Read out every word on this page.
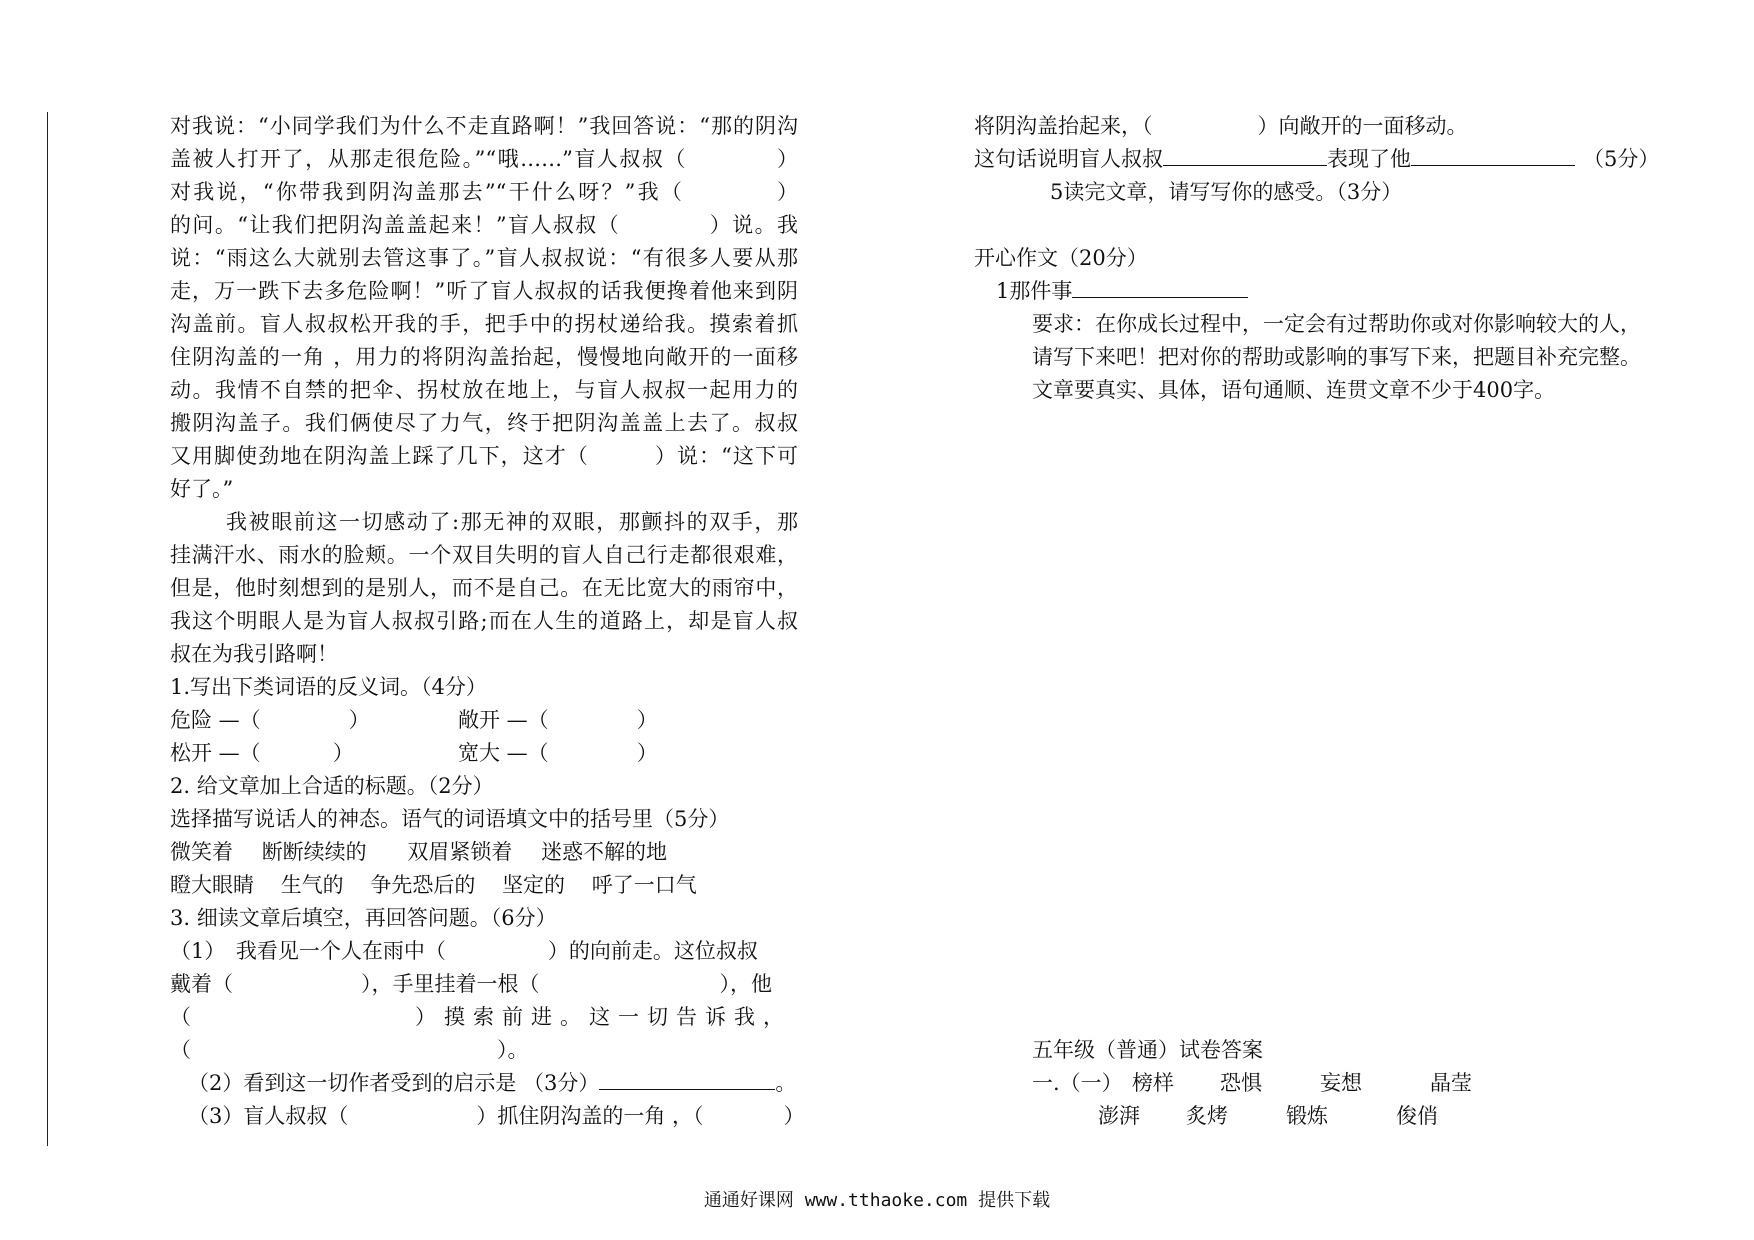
对我说：“小同学我们为什么不走直路啊！”我回答说：“那的阴沟
盖被人打开了，从那走很危险。”“哦……”盲人叔叔（　　　　）
对我说，“你带我到阴沟盖那去”“干什么呀？”我（　　　　）
的问。“让我们把阴沟盖盖起来！”盲人叔叔（　　　　）说。我
说：“雨这么大就别去管这事了。”盲人叔叔说：“有很多人要从那
走，万一跌下去多危险啊！”听了盲人叔叔的话我便搀着他来到阴
沟盖前。盲人叔叔松开我的手，把手中的拐杖递给我。摸索着抓
住阴沟盖的一角 ，用力的将阴沟盖抬起，慢慢地向敞开的一面移
动。我情不自禁的把伞、拐杖放在地上，与盲人叔叔一起用力的
搬阴沟盖子。我们俩使尽了力气，终于把阴沟盖盖上去了。叔叔
又用脚使劲地在阴沟盖上踩了几下，这才（　　　）说：“这下可
好了。”
我被眼前这一切感动了:那无神的双眼，那颤抖的双手，那
挂满汗水、雨水的脸颊。一个双目失明的盲人自己行走都很艰难，
但是，他时刻想到的是别人，而不是自己。在无比宽大的雨帘中，
我这个明眼人是为盲人叔叔引路;而在人生的道路上，却是盲人叔
叔在为我引路啊！
1.写出下类词语的反义词。（4分）
危险 —（	）	敞开 —（	）
松开 —（	）	宽大 —（	）
2. 给文章加上合适的标题。（2分）
选择描写说话人的神态。语气的词语填文中的括号里（5分）
微笑着 断断续续的 双眉紧锁着 迷惑不解的地
瞪大眼睛 生气的 争先恐后的 坚定的 呼了一口气
3. 细读文章后填空，再回答问题。（6分）
（1）　我看见一个人在雨中（	）的向前走。这位叔叔
戴着（	），手里挂着一根（	），他
（	）摸索前进。这一切告诉我，
（	）。
（2）看到这一切作者受到的启示是 （3分）	。
（3）盲人叔叔（	）抓住阴沟盖的一角 ，（	）
将阴沟盖抬起来，（　　　　　）向敞开的一面移动。
这句话说明盲人叔叔	表现了他	（5分）
5读完文章，请写写你的感受。（3分）
开心作文（20分）
1那件事
要求：在你成长过程中，一定会有过帮助你或对你影响较大的人，
请写下来吧！把对你的帮助或影响的事写下来，把题目补充完整。
文章要真实、具体，语句通顺、连贯文章不少于400字。
五年级（普通）试卷答案
一.（一） 榜样 恐惧	妄想	晶莹
澎湃 炙烤	锻炼	俊俏
通通好课网 www.tthaoke.com 提供下载
